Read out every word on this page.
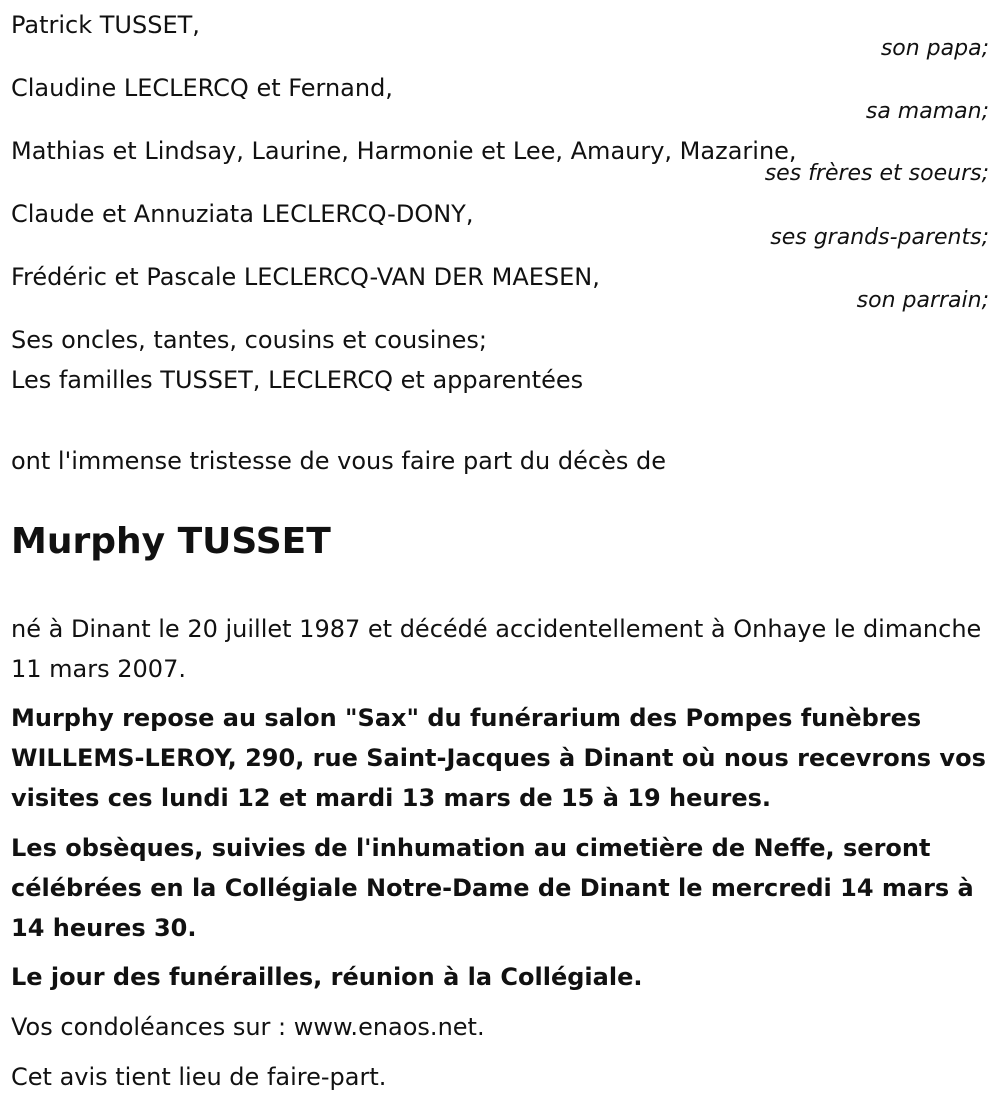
Patrick TUSSET,
son papa;
Claudine LECLERCQ et Fernand,
sa maman;
Mathias et Lindsay, Laurine, Harmonie et Lee, Amaury, Mazarine,
ses frères et soeurs;
Claude et Annuziata LECLERCQ-DONY,
ses grands-parents;
Frédéric et Pascale LECLERCQ-VAN DER MAESEN,
son parrain;
Ses oncles, tantes, cousins et cousines;
Les familles TUSSET, LECLERCQ et apparentées
ont l'immense tristesse de vous faire part du décès de
Murphy TUSSET
né à Dinant le 20 juillet 1987 et décédé accidentellement à Onhaye le dimanche 11 mars 2007.
Murphy repose au salon "Sax" du funérarium des Pompes funèbres WILLEMS-LEROY, 290, rue Saint-Jacques à Dinant où nous recevrons vos visites ces lundi 12 et mardi 13 mars de 15 à 19 heures.
Les obsèques, suivies de l'inhumation au cimetière de Neffe, seront célébrées en la Collégiale Notre-Dame de Dinant le mercredi 14 mars à 14 heures 30.
Le jour des funérailles, réunion à la Collégiale.
Vos condoléances sur : www.enaos.net.
Cet avis tient lieu de faire-part.
